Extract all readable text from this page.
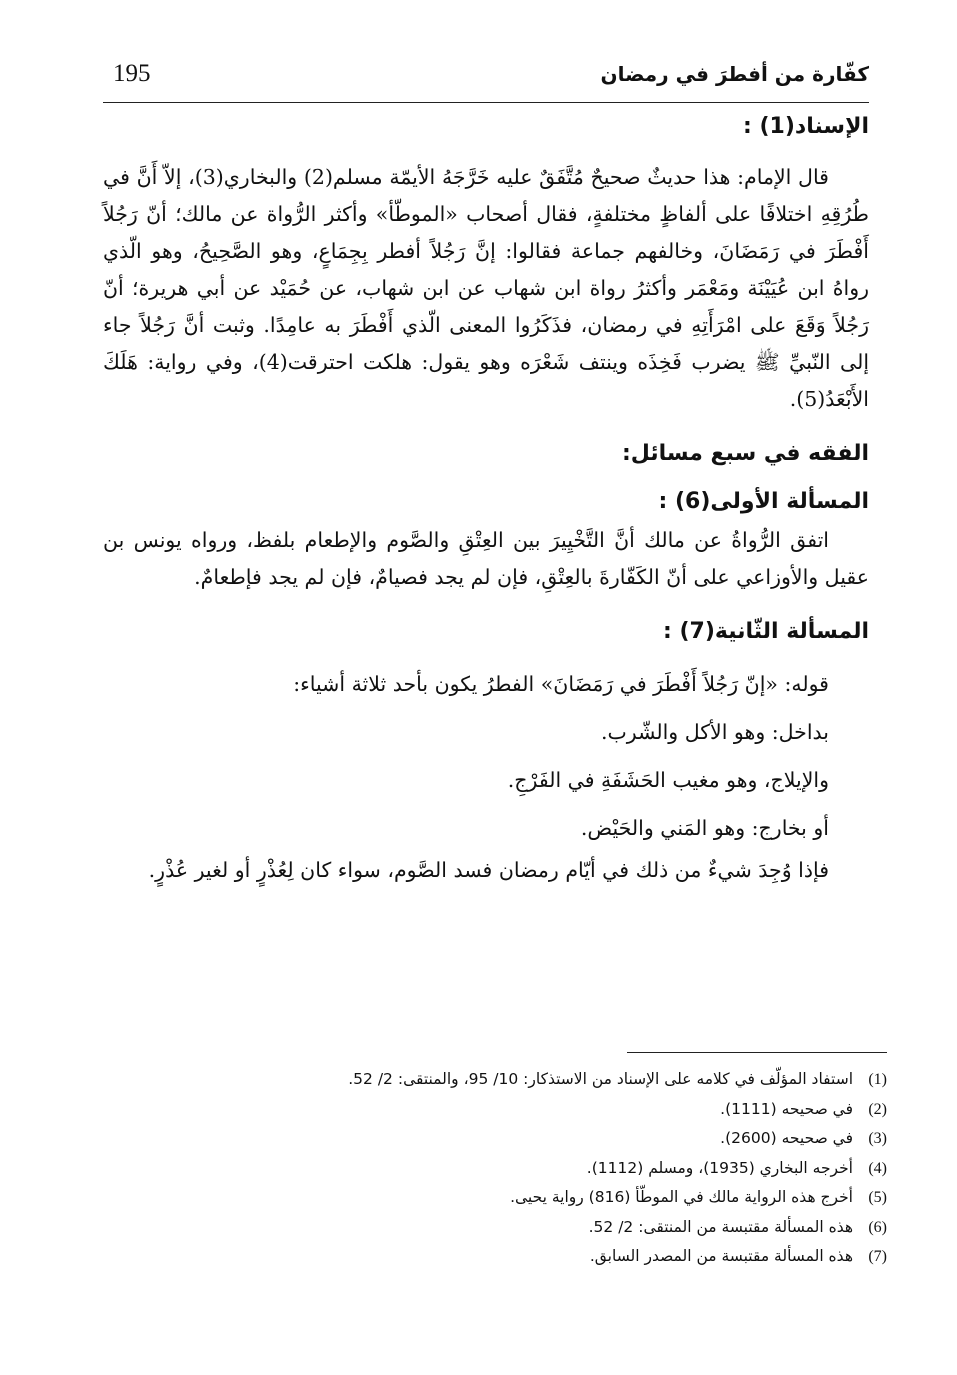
كفّارة من أفطرَ في رمضان
195
الإسناد(1) :

قال الإمام: هذا حديثٌ صحيحٌ مُتَّفَقٌ عليه خَرَّجَهُ الأيمّة مسلم(2) والبخاري(3)، إلاّ أَنَّ في طُرُقِهِ اختلافًا على ألفاظٍ مختلفةٍ، فقال أصحاب «الموطّأ» وأكثر الرُّواة عن مالك؛ أنّ رَجُلاً أَفْطَرَ في رَمَضَانَ، وخالفهم جماعة فقالوا: إنَّ رَجُلاً أفطر بِجِمَاعٍ، وهو الصَّحِيحُ، وهو الّذي رواهُ ابن عُيَيْنَة ومَعْمَر وأكثرُ رواة ابن شهاب عن ابن شهاب، عن حُمَيْد عن أبي هريرة؛ أنّ رَجُلاً وَقَعَ على امْرَأَتِهِ في رمضان، فذَكَرُوا المعنى الّذي أَفْطَرَ به عامِدًا. وثبت أنَّ رَجُلاً جاء إلى النّبيِّ ﷺ يضرب فَخِذَه وينتف شَعْرَه وهو يقول: هلكت احترقت(4)، وفي رواية: هَلَكَ الأَبْعَدُ(5).

الفقه في سبع مسائل:
المسألة الأولى(6) :

اتفق الرُّواةُ عن مالك أنَّ التَّخْيِيرَ بين العِتْقِ والصَّوم والإطعام بلفظ، ورواه يونس بن عقيل والأوزاعي على أنّ الكَفّارةَ بالعِتْقِ، فإن لم يجد فصيامٌ، فإن لم يجد فإطعامٌ.

المسألة الثّانية(7) :

قوله: «إنّ رَجُلاً أَفْطَرَ في رَمَضَانَ» الفطرُ يكون بأحد ثلاثة أشياء:

بداخل: وهو الأكل والشّرب.

والإيلاج، وهو مغيب الحَشَفَةِ في الفَرْجِ.

أو بخارج: وهو المَني والحَيْض.

فإذا وُجِدَ شيءٌ من ذلك في أيّام رمضان فسد الصَّوم، سواء كان لِعُذْرٍ أو لغير عُذْرٍ.

(1)استفاد المؤلّف في كلامه على الإسناد من الاستذكار: 10/ 95، والمنتقى: 2/ 52.
(2)في صحيحه (1111).
(3)في صحيحه (2600).
(4)أخرجه البخاري (1935)، ومسلم (1112).
(5)أخرج هذه الرواية مالك في الموطّأ (816) رواية يحيى.
(6)هذه المسألة مقتبسة من المنتقى: 2/ 52.
(7)هذه المسألة مقتبسة من المصدر السابق.
